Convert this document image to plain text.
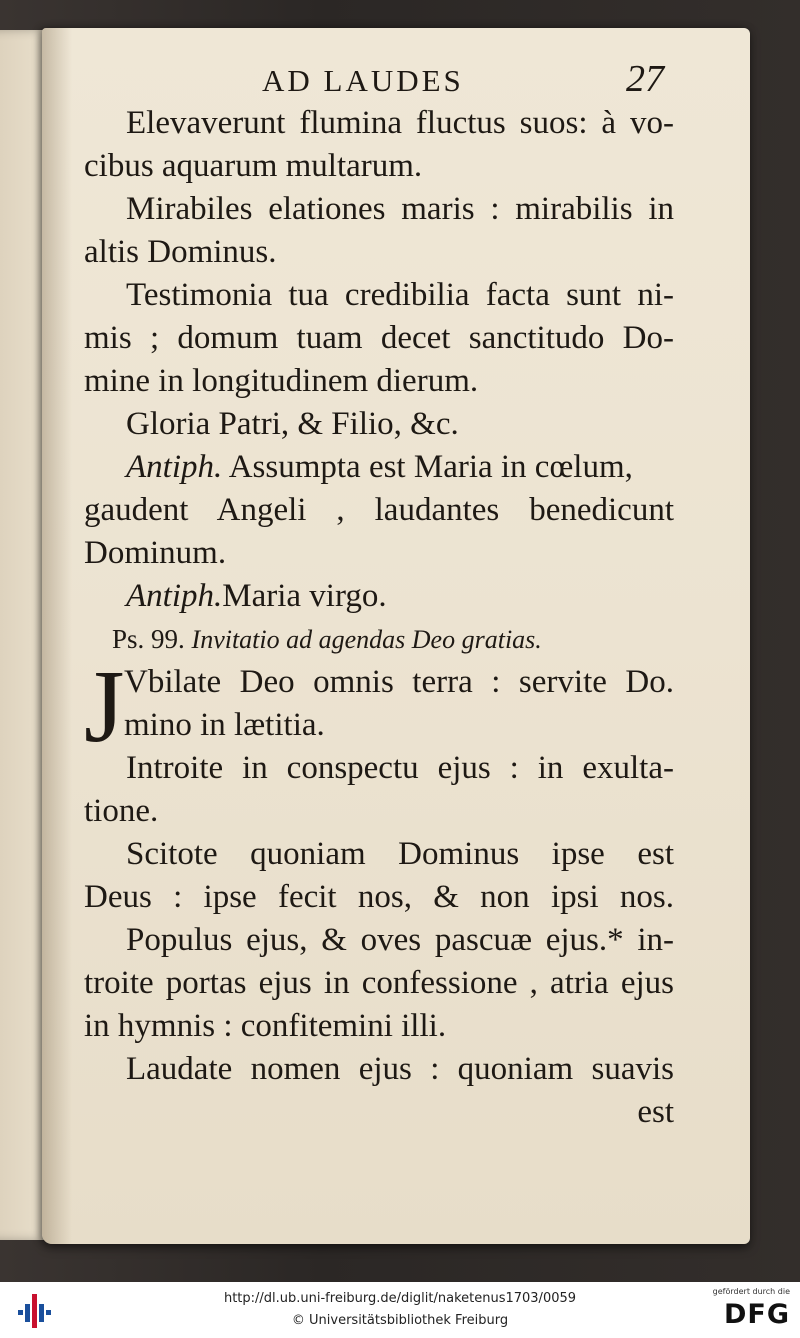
AD LAUDES	27
Elevaverunt flumina fluctus suos: à vo-
cibus aquarum multarum.
Mirabiles elationes maris : mirabilis in
altis Dominus.
Testimonia tua credibilia facta sunt ni-
mis ; domum tuam decet sanctitudo Do-
mine in longitudinem dierum.
Gloria Patri, & Filio, &c.
Antiph. Assumpta est Maria in cœlum,
gaudent Angeli , laudantes benedicunt
Dominum.
Antiph.Maria virgo.
Ps. 99. Invitatio ad agendas Deo gratias.
J Vbilate Deo omnis terra : servite Do.
mino in lætitia.
Introite in conspectu ejus : in exulta-
tione.
Scitote quoniam Dominus ipse est
Deus : ipse fecit nos, & non ipsi nos.
Populus ejus, & oves pascuæ ejus.* in-
troite portas ejus in confessione , atria ejus
in hymnis : confitemini illi.
Laudate nomen ejus : quoniam suavis
est
http://dl.ub.uni-freiburg.de/diglit/naketenus1703/0059
© Universitätsbibliothek Freiburg
gefördert durch die
DFG
